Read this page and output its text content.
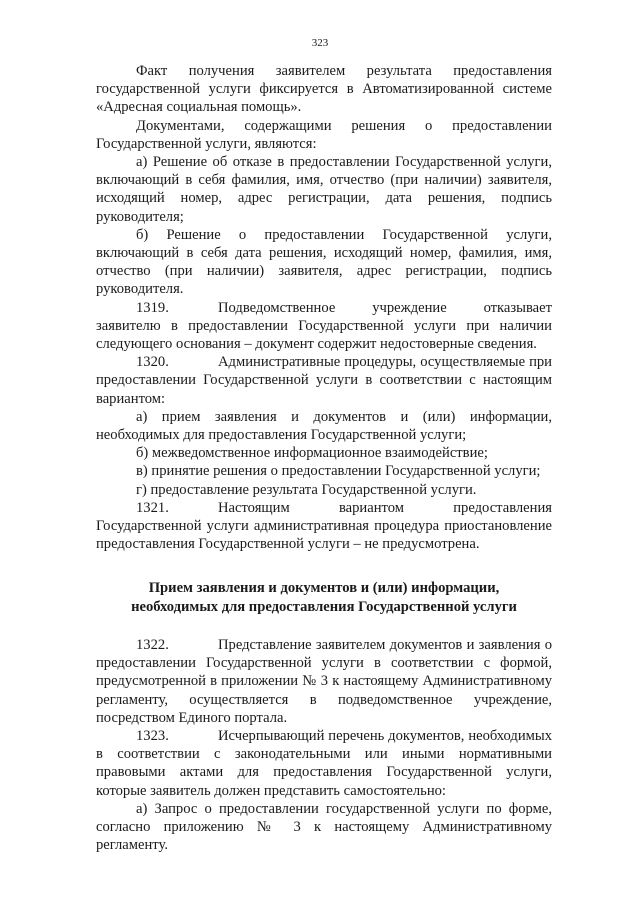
323

Факт получения заявителем результата предоставления государственной услуги фиксируется в Автоматизированной системе «Адресная социальная помощь».

Документами, содержащими решения о предоставлении Государственной услуги, являются:

а) Решение об отказе в предоставлении Государственной услуги, включающий в себя фамилия, имя, отчество (при наличии) заявителя, исходящий номер, адрес регистрации, дата решения, подпись руководителя;

б) Решение о предоставлении Государственной услуги, включающий в себя дата решения, исходящий номер, фамилия, имя, отчество (при наличии) заявителя, адрес регистрации, подпись руководителя.

1319.	Подведомственное учреждение отказывает заявителю в предоставлении Государственной услуги при наличии следующего основания – документ содержит недостоверные сведения.

1320.	Административные процедуры, осуществляемые при предоставлении Государственной услуги в соответствии с настоящим вариантом:

а) прием заявления и документов и (или) информации, необходимых для предоставления Государственной услуги;

б) межведомственное информационное взаимодействие;

в) принятие решения о предоставлении Государственной услуги;

г) предоставление результата Государственной услуги.

1321.	Настоящим вариантом предоставления Государственной услуги административная процедура приостановление предоставления Государственной услуги – не предусмотрена.

Прием заявления и документов и (или) информации,
необходимых для предоставления Государственной услуги

1322.	Представление заявителем документов и заявления о предоставлении Государственной услуги в соответствии с формой, предусмотренной в приложении № 3 к настоящему Административному регламенту, осуществляется в подведомственное учреждение, посредством Единого портала.

1323.	Исчерпывающий перечень документов, необходимых в соответствии с законодательными или иными нормативными правовыми актами для предоставления Государственной услуги, которые заявитель должен представить самостоятельно:

а) Запрос о предоставлении государственной услуги по форме, согласно приложению № 3 к настоящему Административному регламенту.
